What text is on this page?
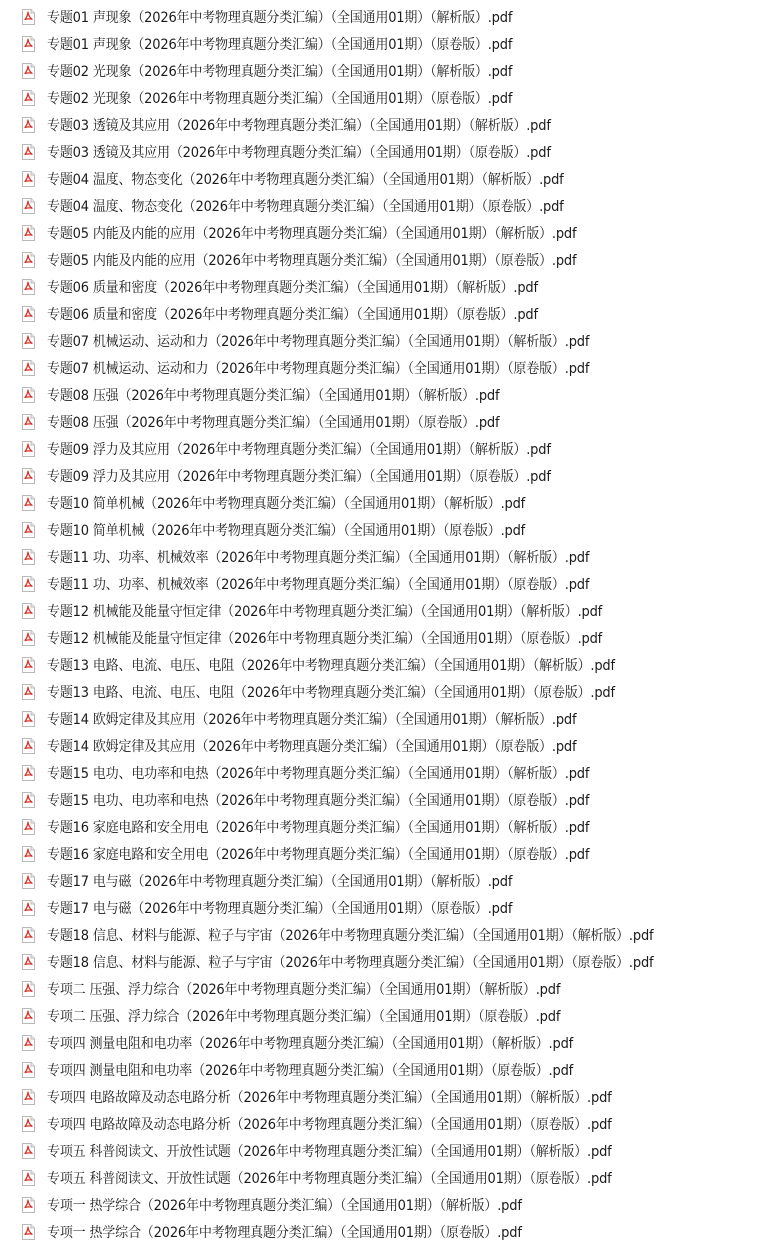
专题01 声现象（2026年中考物理真题分类汇编）（全国通用01期）（解析版）.pdf
专题01 声现象（2026年中考物理真题分类汇编）（全国通用01期）（原卷版）.pdf
专题02 光现象（2026年中考物理真题分类汇编）（全国通用01期）（解析版）.pdf
专题02 光现象（2026年中考物理真题分类汇编）（全国通用01期）（原卷版）.pdf
专题03 透镜及其应用（2026年中考物理真题分类汇编）（全国通用01期）（解析版）.pdf
专题03 透镜及其应用（2026年中考物理真题分类汇编）（全国通用01期）（原卷版）.pdf
专题04 温度、物态变化（2026年中考物理真题分类汇编）（全国通用01期）（解析版）.pdf
专题04 温度、物态变化（2026年中考物理真题分类汇编）（全国通用01期）（原卷版）.pdf
专题05 内能及内能的应用（2026年中考物理真题分类汇编）（全国通用01期）（解析版）.pdf
专题05 内能及内能的应用（2026年中考物理真题分类汇编）（全国通用01期）（原卷版）.pdf
专题06 质量和密度（2026年中考物理真题分类汇编）（全国通用01期）（解析版）.pdf
专题06 质量和密度（2026年中考物理真题分类汇编）（全国通用01期）（原卷版）.pdf
专题07 机械运动、运动和力（2026年中考物理真题分类汇编）（全国通用01期）（解析版）.pdf
专题07 机械运动、运动和力（2026年中考物理真题分类汇编）（全国通用01期）（原卷版）.pdf
专题08 压强（2026年中考物理真题分类汇编）（全国通用01期）（解析版）.pdf
专题08 压强（2026年中考物理真题分类汇编）（全国通用01期）（原卷版）.pdf
专题09 浮力及其应用（2026年中考物理真题分类汇编）（全国通用01期）（解析版）.pdf
专题09 浮力及其应用（2026年中考物理真题分类汇编）（全国通用01期）（原卷版）.pdf
专题10 简单机械（2026年中考物理真题分类汇编）（全国通用01期）（解析版）.pdf
专题10 简单机械（2026年中考物理真题分类汇编）（全国通用01期）（原卷版）.pdf
专题11 功、功率、机械效率（2026年中考物理真题分类汇编）（全国通用01期）（解析版）.pdf
专题11 功、功率、机械效率（2026年中考物理真题分类汇编）（全国通用01期）（原卷版）.pdf
专题12 机械能及能量守恒定律（2026年中考物理真题分类汇编）（全国通用01期）（解析版）.pdf
专题12 机械能及能量守恒定律（2026年中考物理真题分类汇编）（全国通用01期）（原卷版）.pdf
专题13 电路、电流、电压、电阻（2026年中考物理真题分类汇编）（全国通用01期）（解析版）.pdf
专题13 电路、电流、电压、电阻（2026年中考物理真题分类汇编）（全国通用01期）（原卷版）.pdf
专题14 欧姆定律及其应用（2026年中考物理真题分类汇编）（全国通用01期）（解析版）.pdf
专题14 欧姆定律及其应用（2026年中考物理真题分类汇编）（全国通用01期）（原卷版）.pdf
专题15 电功、电功率和电热（2026年中考物理真题分类汇编）（全国通用01期）（解析版）.pdf
专题15 电功、电功率和电热（2026年中考物理真题分类汇编）（全国通用01期）（原卷版）.pdf
专题16 家庭电路和安全用电（2026年中考物理真题分类汇编）（全国通用01期）（解析版）.pdf
专题16 家庭电路和安全用电（2026年中考物理真题分类汇编）（全国通用01期）（原卷版）.pdf
专题17 电与磁（2026年中考物理真题分类汇编）（全国通用01期）（解析版）.pdf
专题17 电与磁（2026年中考物理真题分类汇编）（全国通用01期）（原卷版）.pdf
专题18 信息、材料与能源、粒子与宇宙（2026年中考物理真题分类汇编）（全国通用01期）（解析版）.pdf
专题18 信息、材料与能源、粒子与宇宙（2026年中考物理真题分类汇编）（全国通用01期）（原卷版）.pdf
专项二 压强、浮力综合（2026年中考物理真题分类汇编）（全国通用01期）（解析版）.pdf
专项二 压强、浮力综合（2026年中考物理真题分类汇编）（全国通用01期）（原卷版）.pdf
专项四 测量电阻和电功率（2026年中考物理真题分类汇编）（全国通用01期）（解析版）.pdf
专项四 测量电阻和电功率（2026年中考物理真题分类汇编）（全国通用01期）（原卷版）.pdf
专项四 电路故障及动态电路分析（2026年中考物理真题分类汇编）（全国通用01期）（解析版）.pdf
专项四 电路故障及动态电路分析（2026年中考物理真题分类汇编）（全国通用01期）（原卷版）.pdf
专项五 科普阅读文、开放性试题（2026年中考物理真题分类汇编）（全国通用01期）（解析版）.pdf
专项五 科普阅读文、开放性试题（2026年中考物理真题分类汇编）（全国通用01期）（原卷版）.pdf
专项一 热学综合（2026年中考物理真题分类汇编）（全国通用01期）（解析版）.pdf
专项一 热学综合（2026年中考物理真题分类汇编）（全国通用01期）（原卷版）.pdf
